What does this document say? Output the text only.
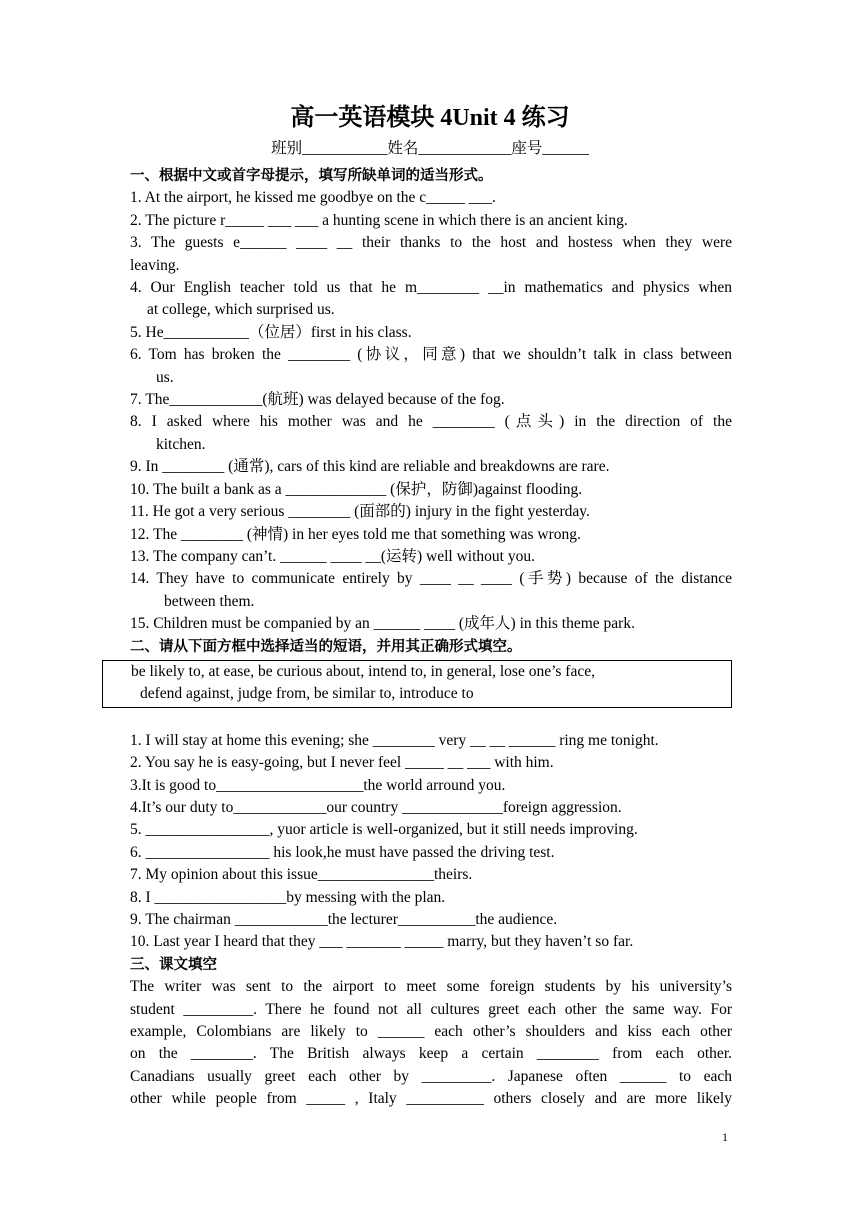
高一英语模块 4Unit 4 练习
班别___________姓名____________座号______

一、根据中文或首字母提示，填写所缺单词的适当形式。

1. At the airport, he kissed me goodbye on the c_____ ___.

2. The picture r_____ ___ ___ a hunting scene in which there is an ancient king.

3. The guests e______ ____ __ their thanks to the host and hostess when they were

leaving.

4. Our English teacher told us that he m________ __in mathematics and physics when

at college, which surprised us.

5. He___________（位居）first in his class.

6. Tom has broken the ________ (协议，同意) that we shouldn’t talk in class between

us.

7. The____________(航班) was delayed because of the fog.

8. I asked where his mother was and he ________ (点头) in the direction of the

kitchen.

9. In ________ (通常), cars of this kind are reliable and breakdowns are rare.

10. The built a bank as a _____________ (保护，防御)against flooding.

11. He got a very serious ________ (面部的) injury in the fight yesterday.

12. The ________ (神情) in her eyes told me that something was wrong.

13. The company can’t. ______ ____ __(运转) well without you.

14. They have to communicate entirely by ____ __ ____ (手势) because of the distance

between them.

15. Children must be companied by an ______ ____ (成年人) in this theme park.

二、请从下面方框中选择适当的短语，并用其正确形式填空。

be likely to, at ease, be curious about, intend to, in general, lose one’s face,

defend against, judge from, be similar to, introduce to

1. I will stay at home this evening; she ________ very __ __ ______ ring me tonight.

2. You say he is easy-going, but I never feel _____ __ ___ with him.

3.It is good to___________________the world arround you.

4.It’s our duty to____________our country _____________foreign aggression.

5. ________________, yuor article is well-organized, but it still needs improving.

6. ________________ his look,he must have passed the driving test.

7. My opinion about this issue_______________theirs.

8. I _________________by messing with the plan.

9. The chairman ____________the lecturer__________the audience.

10. Last year I heard that they ___ _______ _____ marry, but they haven’t so far.

三、课文填空

The writer was sent to the airport to meet some foreign students by his university’s

student _________. There he found not all cultures greet each other the same way. For

example, Colombians are likely to ______ each other’s shoulders and kiss each other

on the ________. The British always keep a certain ________ from each other.

Canadians usually greet each other by _________. Japanese often ______ to each

other while people from _____ , Italy __________ others closely and are more likely

1
